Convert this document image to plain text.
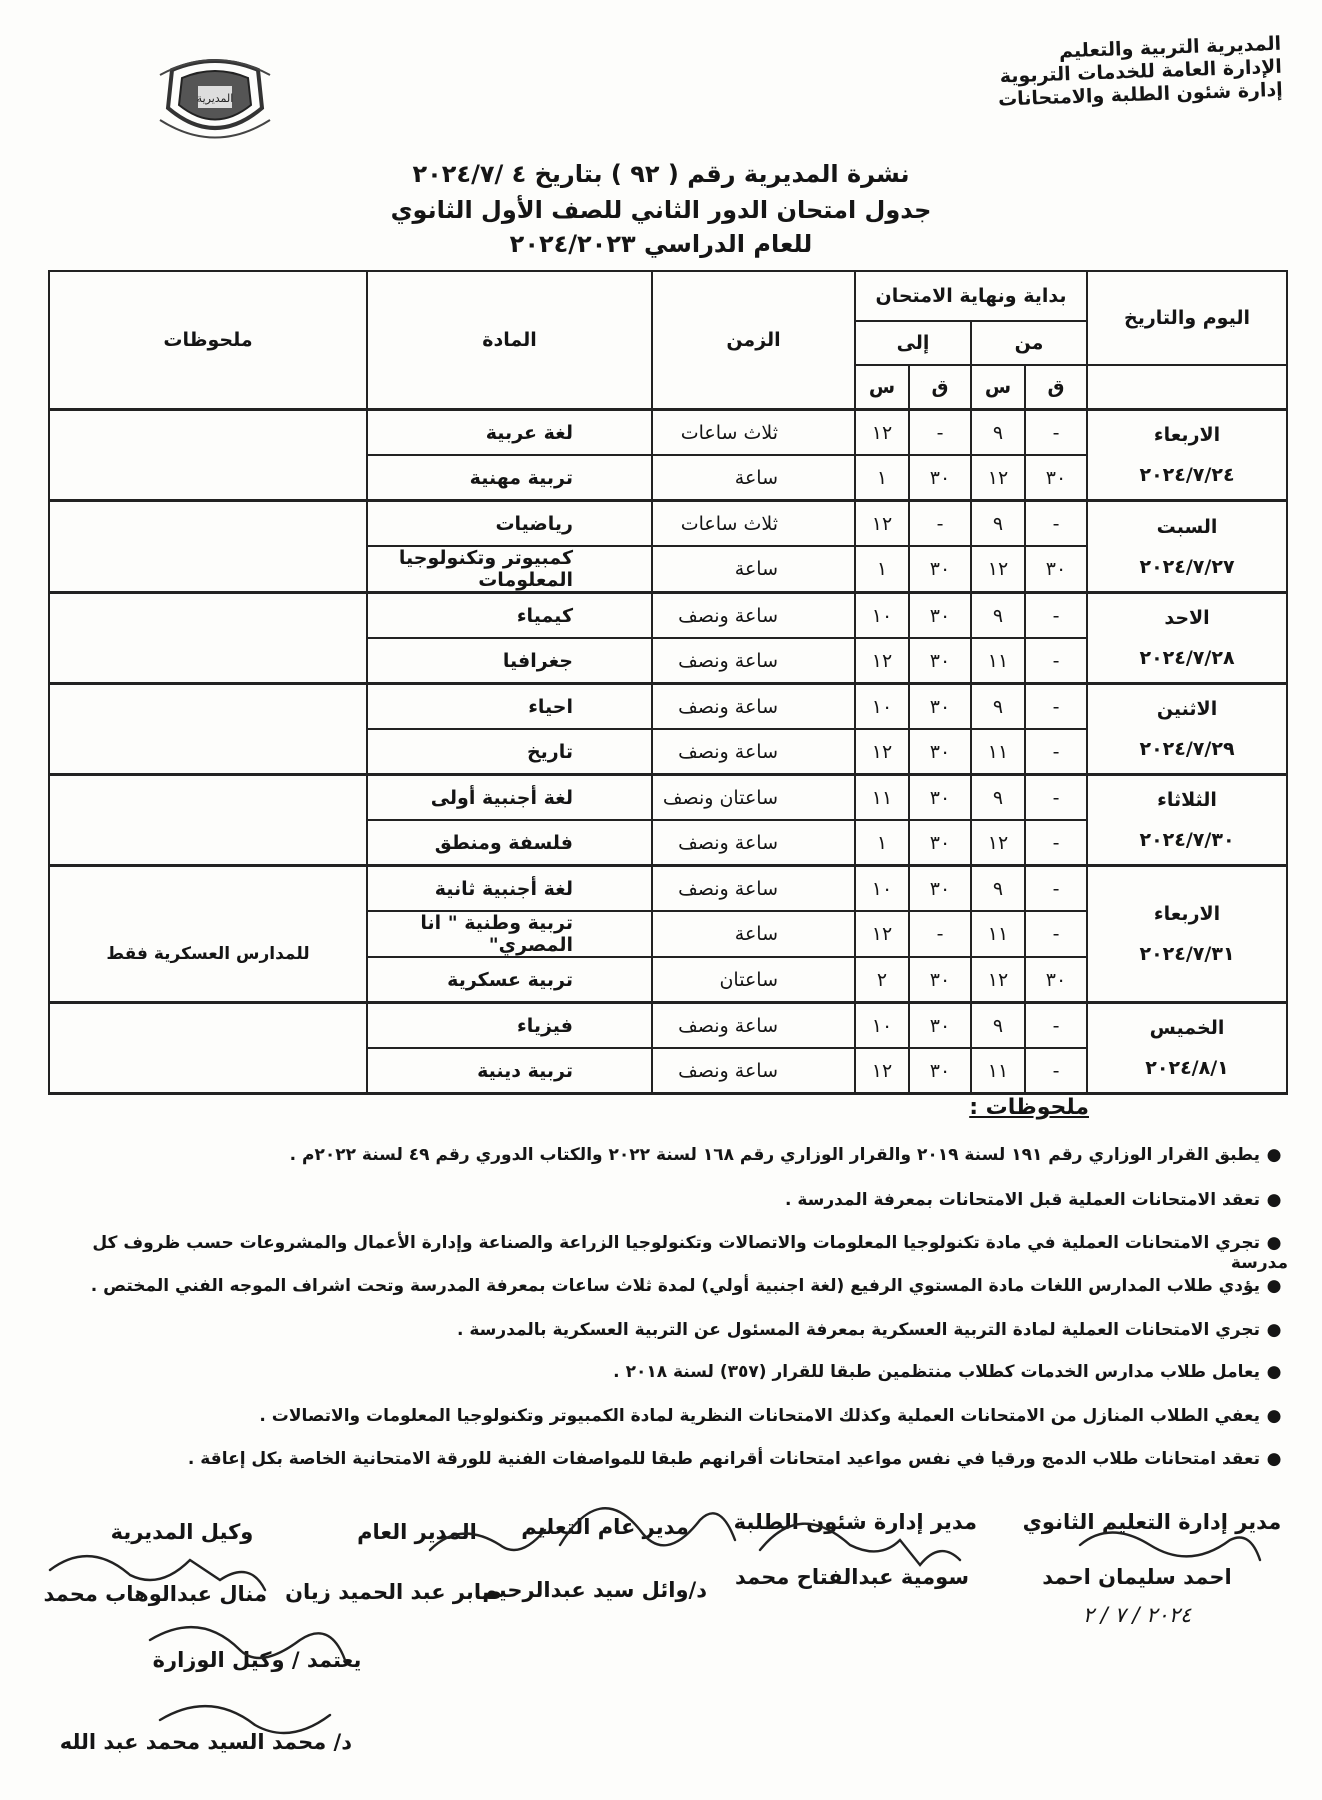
المديرية التربية والتعليم
الإدارة العامة للخدمات التربوية
إدارة شئون الطلبة والامتحانات
المديرية
نشرة المديرية رقم ( ٩٢ ) بتاريخ ٤ /٢٠٢٤/٧
جدول امتحان الدور الثاني للصف الأول الثانوي
للعام الدراسي ٢٠٢٤/٢٠٢٣
اليوم والتاريخ	بداية ونهاية الامتحان				الزمن	المادة	ملحوظات
	من		إلى				
	ق	س	ق	س			

الاربعاء
٢٠٢٤/٧/٢٤	-	٩	-	١٢	ثلاث ساعات	لغة عربية	
	٣٠	١٢	٣٠	١	ساعة	تربية مهنية	

السبت
٢٠٢٤/٧/٢٧	-	٩	-	١٢	ثلاث ساعات	رياضيات	
	٣٠	١٢	٣٠	١	ساعة	كمبيوتر وتكنولوجيا المعلومات	

الاحد
٢٠٢٤/٧/٢٨	-	٩	٣٠	١٠	ساعة ونصف	كيمياء	
	-	١١	٣٠	١٢	ساعة ونصف	جغرافيا	

الاثنين
٢٠٢٤/٧/٢٩	-	٩	٣٠	١٠	ساعة ونصف	احياء	
	-	١١	٣٠	١٢	ساعة ونصف	تاريخ	

الثلاثاء
٢٠٢٤/٧/٣٠	-	٩	٣٠	١١	ساعتان ونصف	لغة أجنبية أولى	
	-	١٢	٣٠	١	ساعة ونصف	فلسفة ومنطق	

الاربعاء
٢٠٢٤/٧/٣١	-	٩	٣٠	١٠	ساعة ونصف	لغة أجنبية ثانية	للمدارس العسكرية فقط

	-	١١	-	١٢	ساعة	تربية وطنية " انا المصري"	
	٣٠	١٢	٣٠	٢	ساعتان	تربية عسكرية	

الخميس
٢٠٢٤/٨/١	-	٩	٣٠	١٠	ساعة ونصف	فيزياء	
	-	١١	٣٠	١٢	ساعة ونصف	تربية دينية	
ملحوظات :
●يطبق القرار الوزاري رقم ١٩١ لسنة ٢٠١٩ والقرار الوزاري رقم ١٦٨ لسنة ٢٠٢٢ والكتاب الدوري رقم ٤٩ لسنة ٢٠٢٢م .
●تعقد الامتحانات العملية قبل الامتحانات بمعرفة المدرسة .
●تجري الامتحانات العملية في مادة تكنولوجيا المعلومات والاتصالات وتكنولوجيا الزراعة والصناعة وإدارة الأعمال والمشروعات حسب ظروف كل مدرسة
●يؤدي طلاب المدارس اللغات مادة المستوي الرفيع (لغة اجنبية أولي) لمدة ثلاث ساعات بمعرفة المدرسة وتحت اشراف الموجه الفني المختص .
●تجري الامتحانات العملية لمادة التربية العسكرية بمعرفة المسئول عن التربية العسكرية بالمدرسة .
●يعامل طلاب مدارس الخدمات كطلاب منتظمين طبقا للقرار (٣٥٧) لسنة ٢٠١٨ .
●يعفي الطلاب المنازل من الامتحانات العملية وكذلك الامتحانات النظرية لمادة الكمبيوتر وتكنولوجيا المعلومات والاتصالات .
●تعقد امتحانات طلاب الدمج ورقيا في نفس مواعيد امتحانات أقرانهم طبقا للمواصفات الفنية للورقة الامتحانية الخاصة بكل إعاقة .
مدير إدارة التعليم الثانوي
احمد سليمان احمد
٢٠٢٤ / ٧ / ٢
مدير إدارة شئون الطلبة
سومية عبدالفتاح محمد
مدير عام التعليم
د/وائل سيد عبدالرحيم
المدير العام
صابر عبد الحميد زيان
وكيل المديرية
منال عبدالوهاب محمد
يعتمد / وكيل الوزارة
د/ محمد السيد محمد عبد الله
